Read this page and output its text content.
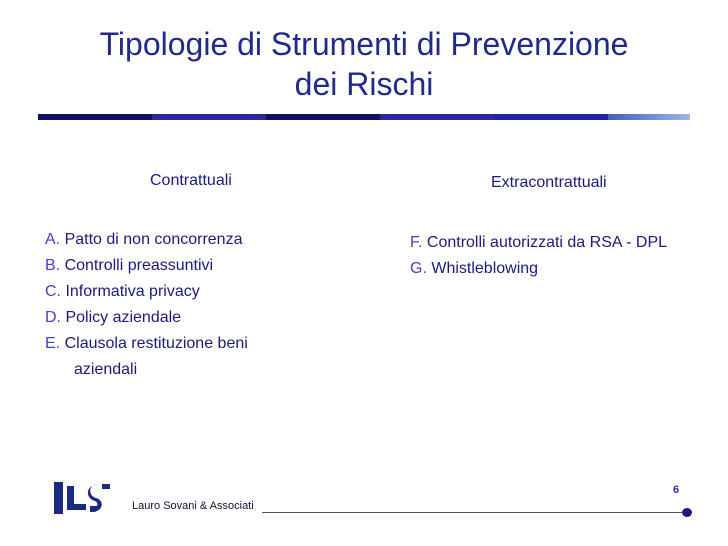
Tipologie di Strumenti di Prevenzione
dei Rischi
Contrattuali	Extracontrattuali
A. Patto di non concorrenza
B. Controlli preassuntivi
C. Informativa privacy
D. Policy aziendale
E. Clausola restituzione beni aziendali
F. Controlli autorizzati da RSA - DPL
G. Whistleblowing
Lauro Sovani & Associati
6
